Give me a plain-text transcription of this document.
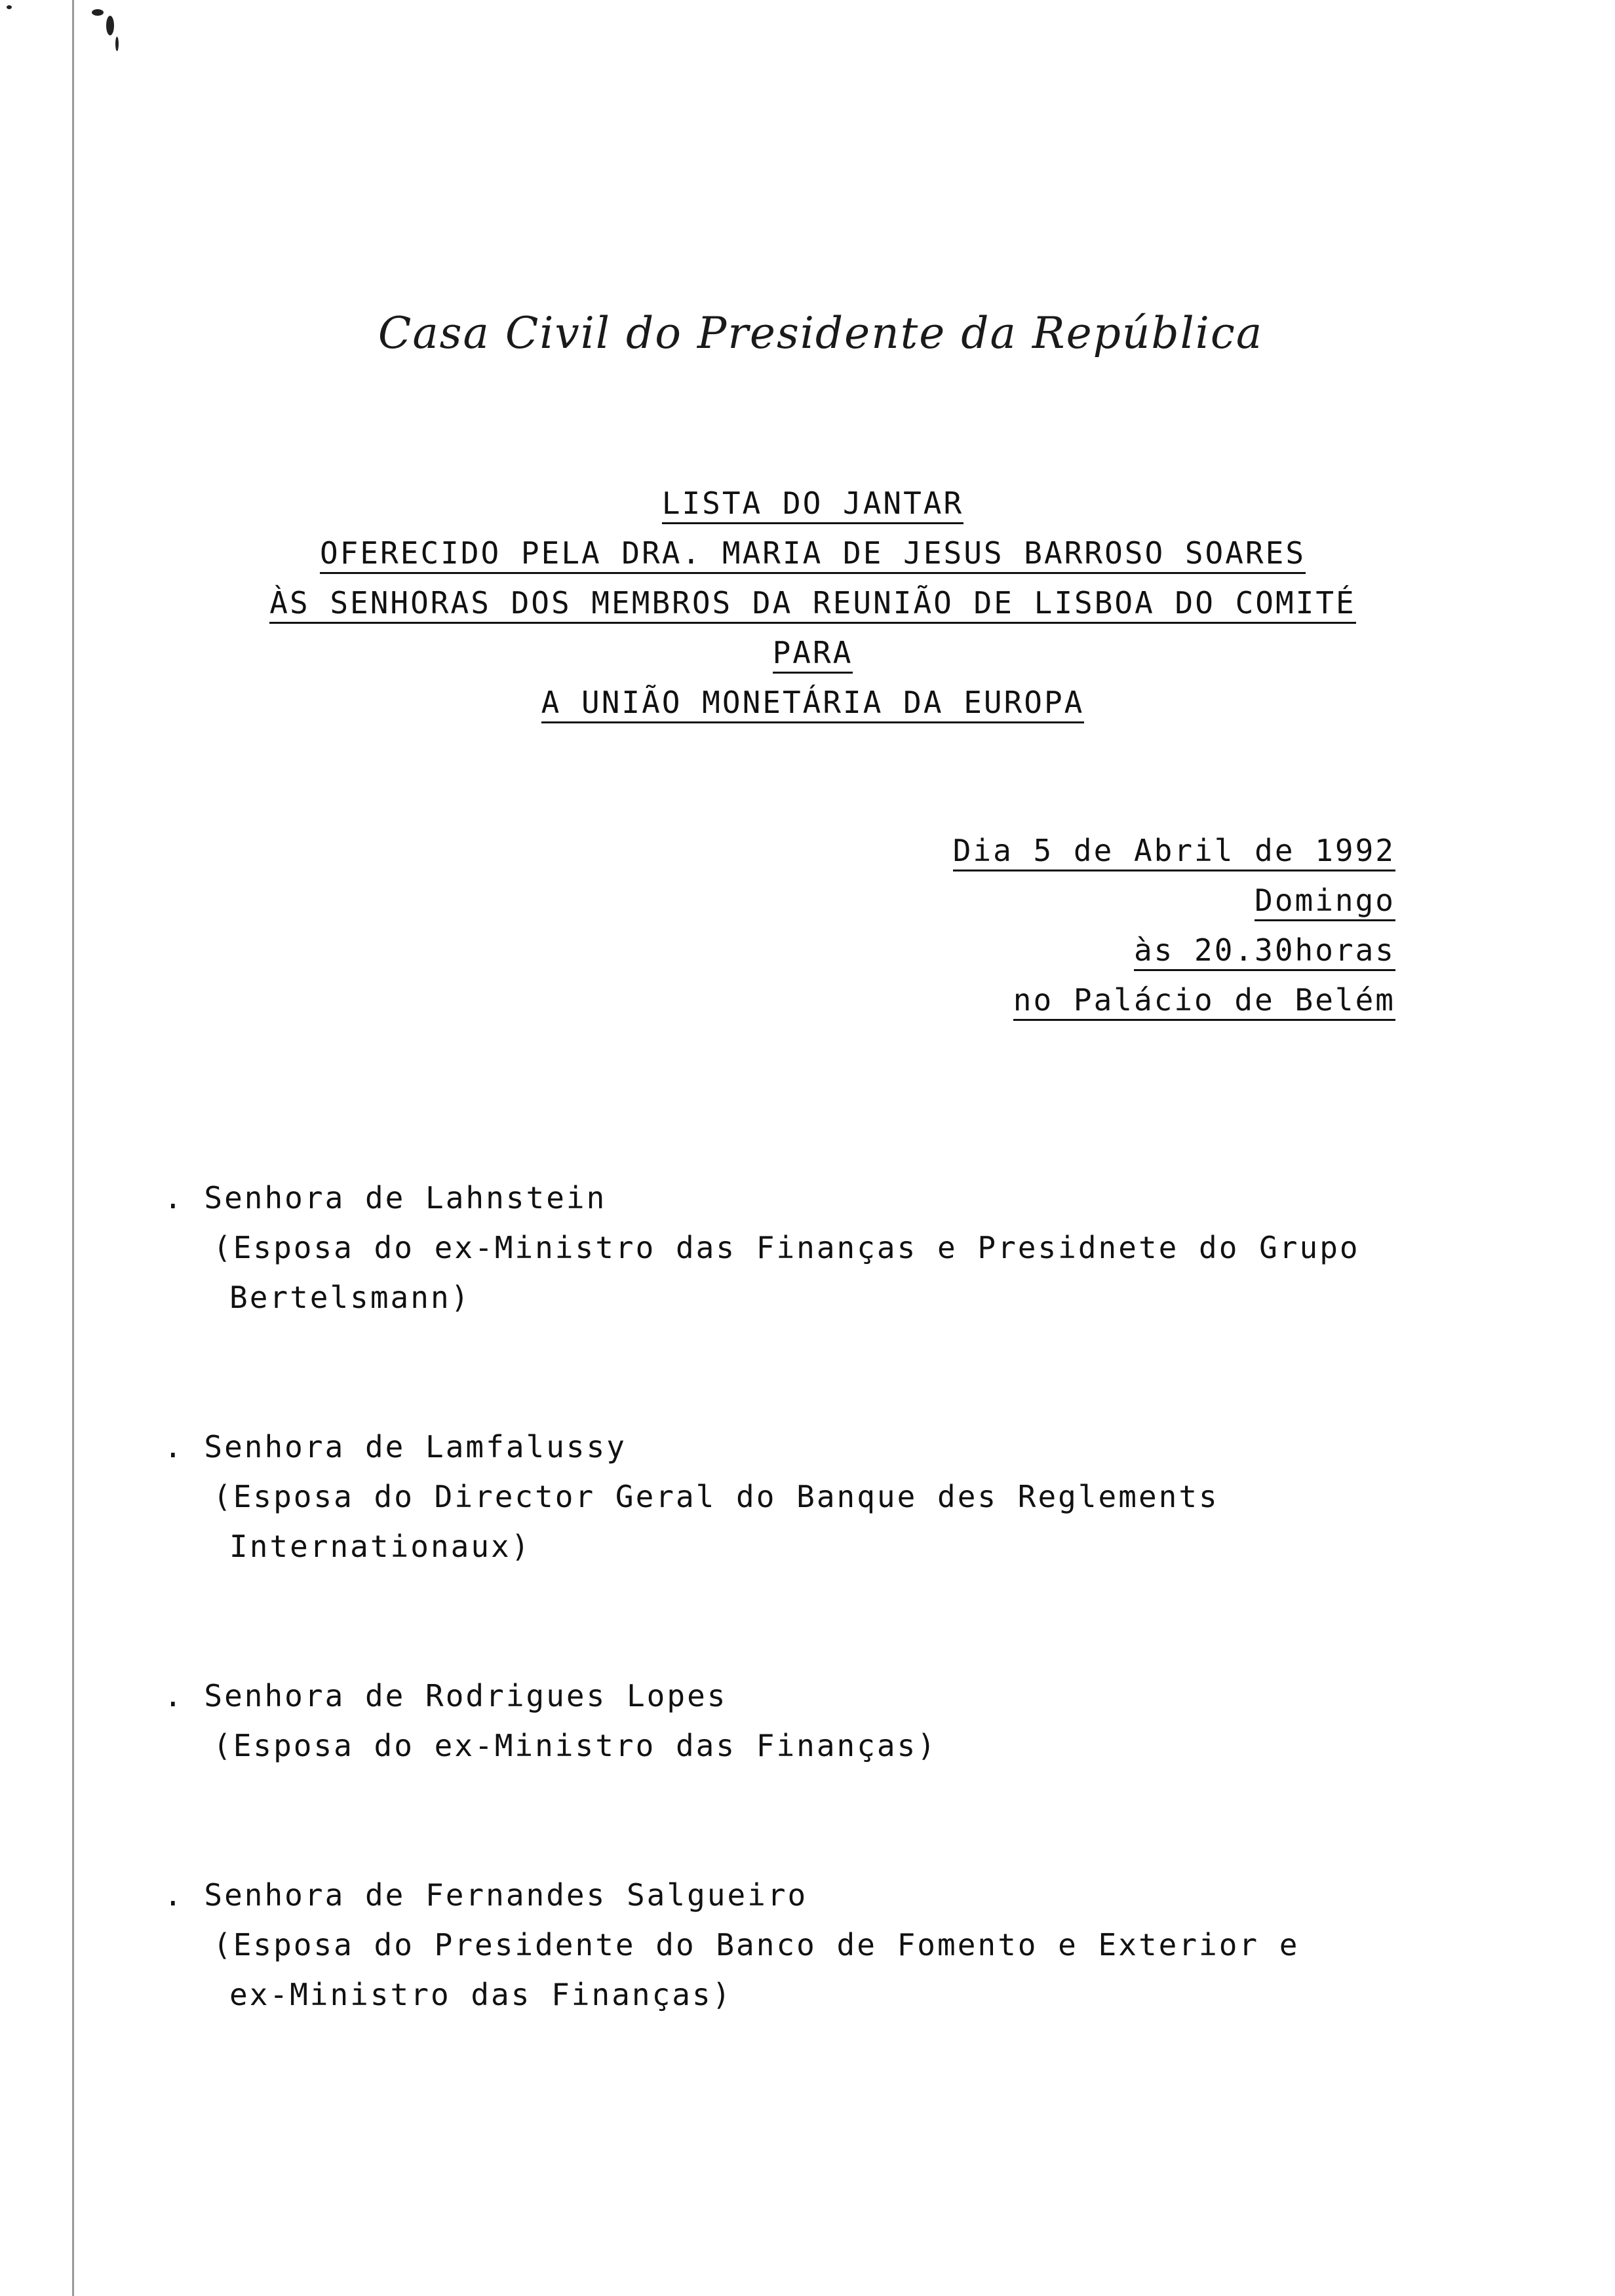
Casa Civil do Presidente da República
LISTA DO JANTAR
OFERECIDO PELA DRA. MARIA DE JESUS BARROSO SOARES
ÀS SENHORAS DOS MEMBROS DA REUNIÃO DE LISBOA DO COMITÉ PARA
A UNIÃO MONETÁRIA DA EUROPA
Dia 5 de Abril de 1992
Domingo
às 20.30horas
no Palácio de Belém
. Senhora de Lahnstein
(Esposa do ex-Ministro das Finanças e Presidnete do Grupo
Bertelsmann)
. Senhora de Lamfalussy
(Esposa do Director Geral do Banque des Reglements
Internationaux)
. Senhora de Rodrigues Lopes
(Esposa do ex-Ministro das Finanças)
. Senhora de Fernandes Salgueiro
(Esposa do Presidente do Banco de Fomento e Exterior e
ex-Ministro das Finanças)
